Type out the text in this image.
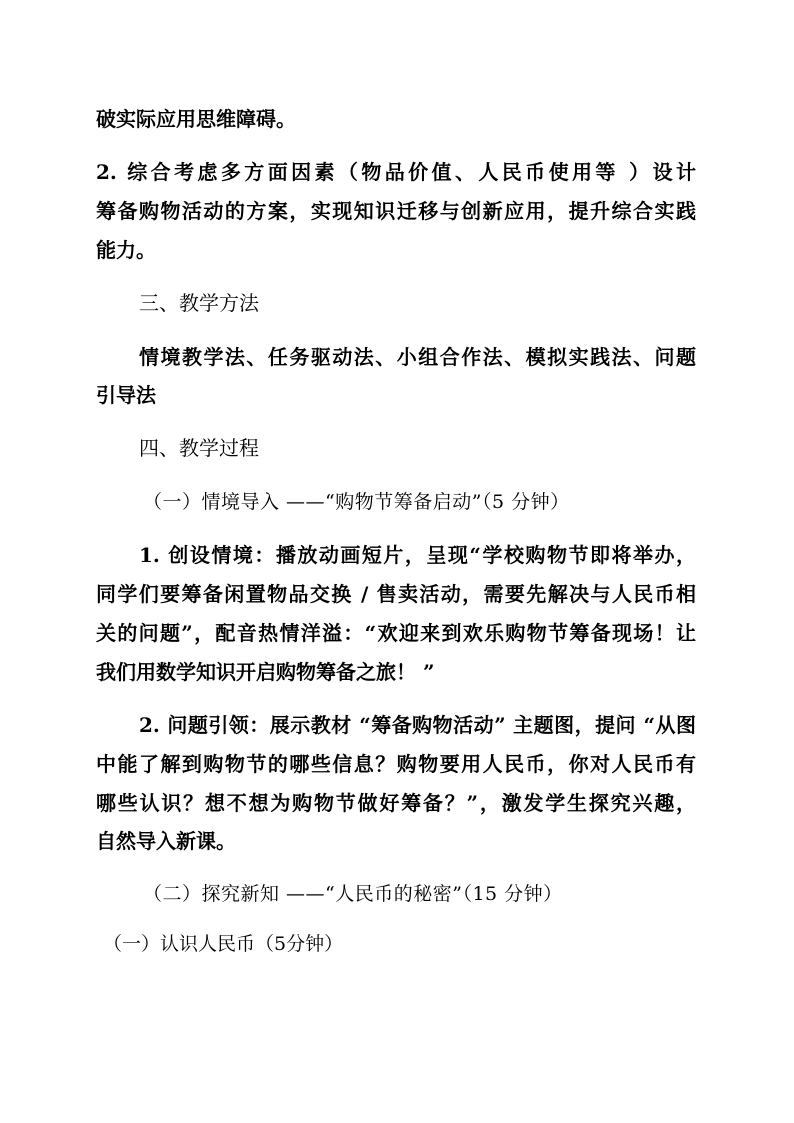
破实际应用思维障碍。
2. 综合考虑多方面因素（物品价值、人民币使用等 ）设计
筹备购物活动的方案，实现知识迁移与创新应用，提升综合实践
能力。
三、教学方法
情境教学法、任务驱动法、小组合作法、模拟实践法、问题
引导法
四、教学过程
（一）情境导入 ——“购物节筹备启动”（5 分钟）
1. 创设情境：播放动画短片，呈现“学校购物节即将举办，
同学们要筹备闲置物品交换 / 售卖活动，需要先解决与人民币相
关的问题”，配音热情洋溢：“欢迎来到欢乐购物节筹备现场！让
我们用数学知识开启购物筹备之旅！ ”
2. 问题引领：展示教材 “筹备购物活动” 主题图，提问 “从图
中能了解到购物节的哪些信息？购物要用人民币，你对人民币有
哪些认识？想不想为购物节做好筹备？”，激发学生探究兴趣，
自然导入新课。
（二）探究新知 ——“人民币的秘密”（15 分钟）
（一）认识人民币（5分钟）
